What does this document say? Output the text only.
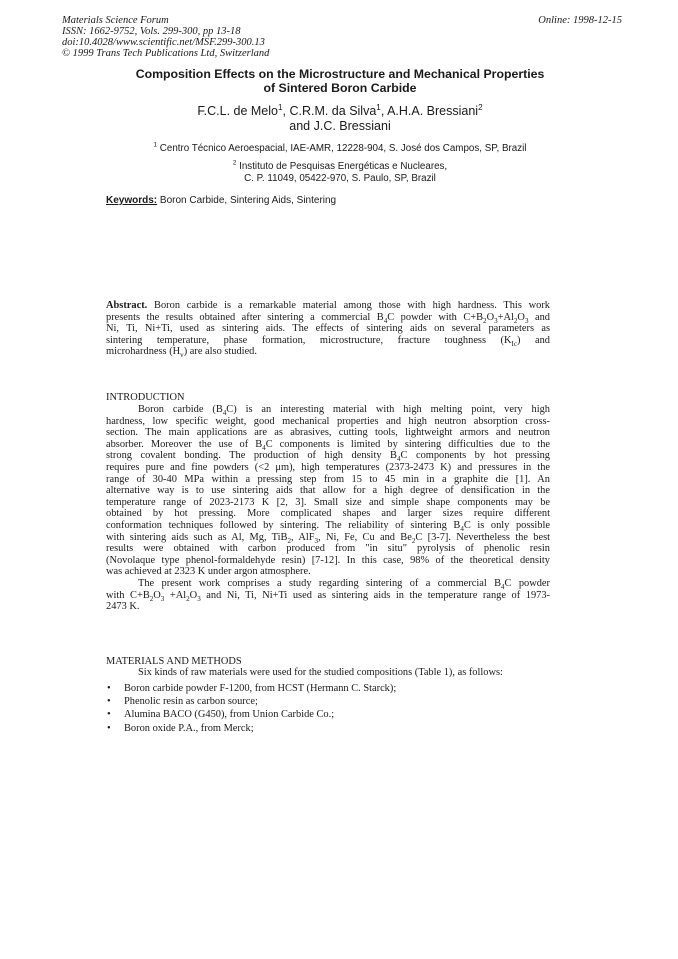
Materials Science Forum
ISSN: 1662-9752, Vols. 299-300, pp 13-18
doi:10.4028/www.scientific.net/MSF.299-300.13
© 1999 Trans Tech Publications Ltd, Switzerland
Online: 1998-12-15
Composition Effects on the Microstructure and Mechanical Properties
of Sintered Boron Carbide
F.C.L. de Melo$^1$, C.R.M. da Silva$^1$, A.H.A. Bressiani$^2$
and J.C. Bressiani
$^1$ Centro Técnico Aeroespacial, IAE-AMR, 12228-904, S. José dos Campos, SP, Brazil
$^2$ Instituto de Pesquisas Energéticas e Nucleares,
C. P. 11049, 05422-970, S. Paulo, SP, Brazil
Keywords: Boron Carbide, Sintering Aids, Sintering
Abstract. Boron carbide is a remarkable material among those with high hardness. This work
presents the results obtained after sintering a commercial $B_4C$ powder with $C+B_2O_3+Al_2O_3$ and
Ni, Ti, Ni+Ti, used as sintering aids. The effects of sintering aids on several parameters as
sintering temperature, phase formation, microstructure, fracture toughness $(K_{Ic})$ and
microhardness $(H_v)$ are also studied.
INTRODUCTION
Boron carbide $(B_4C)$ is an interesting material with high melting point, very high
hardness, low specific weight, good mechanical properties and high neutron absorption cross-
section. The main applications are as abrasives, cutting tools, lightweight armors and neutron
absorber. Moreover the use of $B_4C$ components is limited by sintering difficulties due to the
strong covalent bonding. The production of high density $B_4C$ components by hot pressing
requires pure and fine powders (<2 μm), high temperatures (2373-2473 K) and pressures in the
range of 30-40 MPa within a pressing step from 15 to 45 min in a graphite die [1]. An
alternative way is to use sintering aids that allow for a high degree of densification in the
temperature range of 2023-2173 K [2, 3]. Small size and simple shape components may be
obtained by hot pressing. More complicated shapes and larger sizes require different
conformation techniques followed by sintering. The reliability of sintering $B_4C$ is only possible
with sintering aids such as Al, Mg, TiB$_2$, AlF$_3$, Ni, Fe, Cu and $Be_2C$ [3-7]. Nevertheless the best
results were obtained with carbon produced from "in situ" pyrolysis of phenolic resin
(Novolaque type phenol-formaldehyde resin) [7-12]. In this case, 98% of the theoretical density
was achieved at 2323 K under argon atmosphere.
The present work comprises a study regarding sintering of a commercial $B_4C$ powder
with $C+B_2O_3 +Al_2O_3$ and Ni, Ti, Ni+Ti used as sintering aids in the temperature range of 1973-
2473 K.
MATERIALS AND METHODS
Six kinds of raw materials were used for the studied compositions (Table 1), as follows:
• Boron carbide powder F-1200, from HCST (Hermann C. Starck);
• Phenolic resin as carbon source;
• Alumina BACO (G450), from Union Carbide Co.;
• Boron oxide P.A., from Merck;
